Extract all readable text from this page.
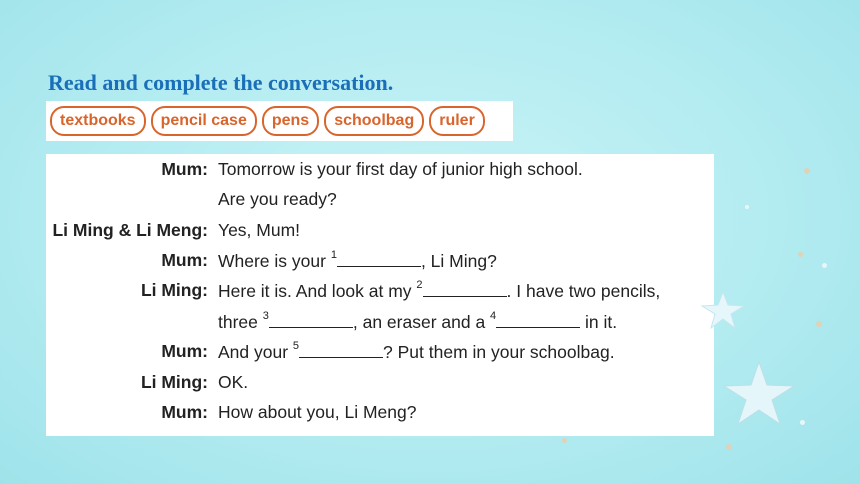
Read and complete the conversation.
textbooks	pencil case	pens	schoolbag	ruler
Mum: Tomorrow is your first day of junior high school.
Are you ready?
Li Ming & Li Meng: Yes, Mum!
Mum: Where is your $^1$	, Li Ming?
Li Ming: Here it is. And look at my $^2$	. I have two pencils,
three $^3$	, an eraser and a $^4$	in it.
Mum: And your $^5$	? Put them in your schoolbag.
Li Ming: OK.
Mum: How about you, Li Meng?
